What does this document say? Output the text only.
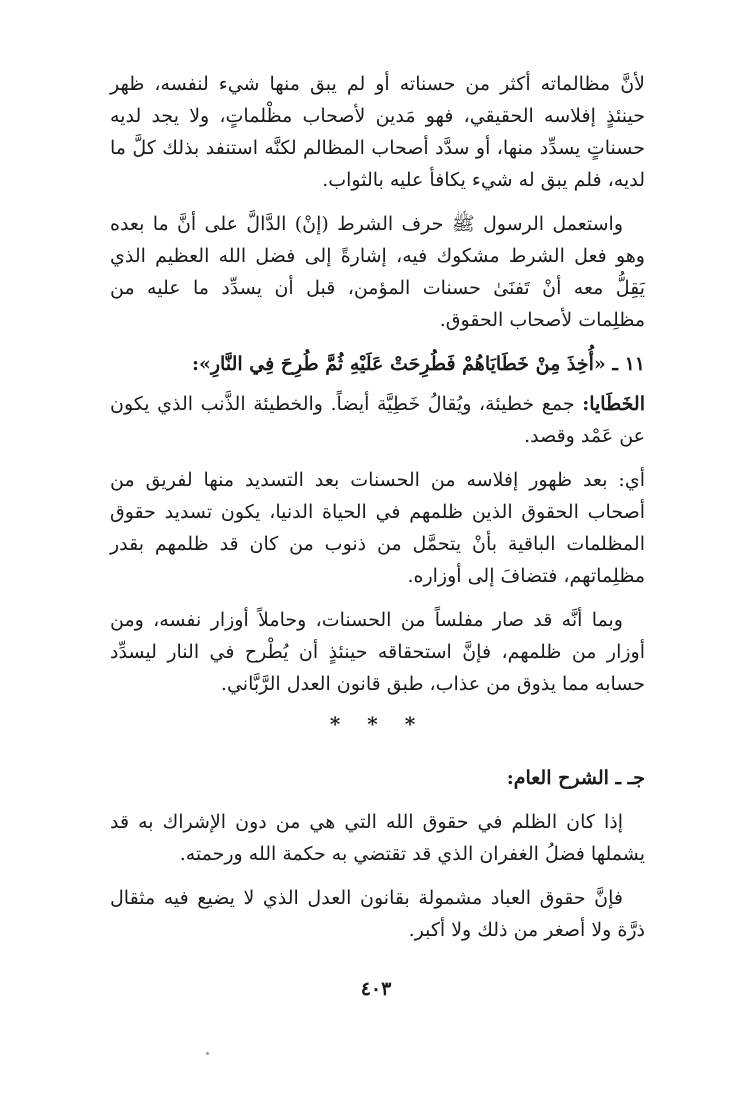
لأنَّ مظالماته أكثر من حسناته أو لم يبق منها شيء لنفسه، ظهر حينئذٍ إفلاسه الحقيقي، فهو مَدين لأصحاب مظْلماتٍ، ولا يجد لديه حسناتٍ يسدِّد منها، أو سدَّد أصحاب المظالم لكنَّه استنفد بذلك كلَّ ما لديه، فلم يبق له شيء يكافأ عليه بالثواب.

واستعمل الرسول ﷺ حرف الشرط (إنْ) الدَّالَّ على أنَّ ما بعده وهو فعل الشرط مشكوك فيه، إشارةً إلى فضل الله العظيم الذي يَقِلُّ معه أنْ تَفنَىٰ حسنات المؤمن، قبل أن يسدِّد ما عليه من مظلِمات لأصحاب الحقوق.

١١ ـ «أُخِذَ مِنْ خَطَايَاهُمْ فَطُرِحَتْ عَلَيْهِ ثُمَّ طُرِحَ فِي النَّارِ»:

الخَطَايا: جمع خطيئة، ويُقالُ خَطِيَّة أيضاً. والخطيئة الذَّنب الذي يكون عن عَمْد وقصد.

أي: بعد ظهور إفلاسه من الحسنات بعد التسديد منها لفريق من أصحاب الحقوق الذين ظلمهم في الحياة الدنيا، يكون تسديد حقوق المظلمات الباقية بأنْ يتحمَّل من ذنوب من كان قد ظلمهم بقدر مظلِماتهم، فتضافَ إلى أوزاره.

وبما أنَّه قد صار مفلساً من الحسنات، وحاملاً أوزار نفسه، ومن أوزار من ظلمهم، فإنَّ استحقاقه حينئذٍ أن يُطْرح في النار ليسدِّد حسابه مما يذوق من عذاب، طبق قانون العدل الرَّبَّاني.

* * *
جـ ـ الشرح العام:

إذا كان الظلم في حقوق الله التي هي من دون الإشراك به قد يشملها فضلُ الغفران الذي قد تقتضي به حكمة الله ورحمته.

فإنَّ حقوق العباد مشمولة بقانون العدل الذي لا يضيع فيه مثقال ذرَّة ولا أصغر من ذلك ولا أكبر.

٤٠٣
